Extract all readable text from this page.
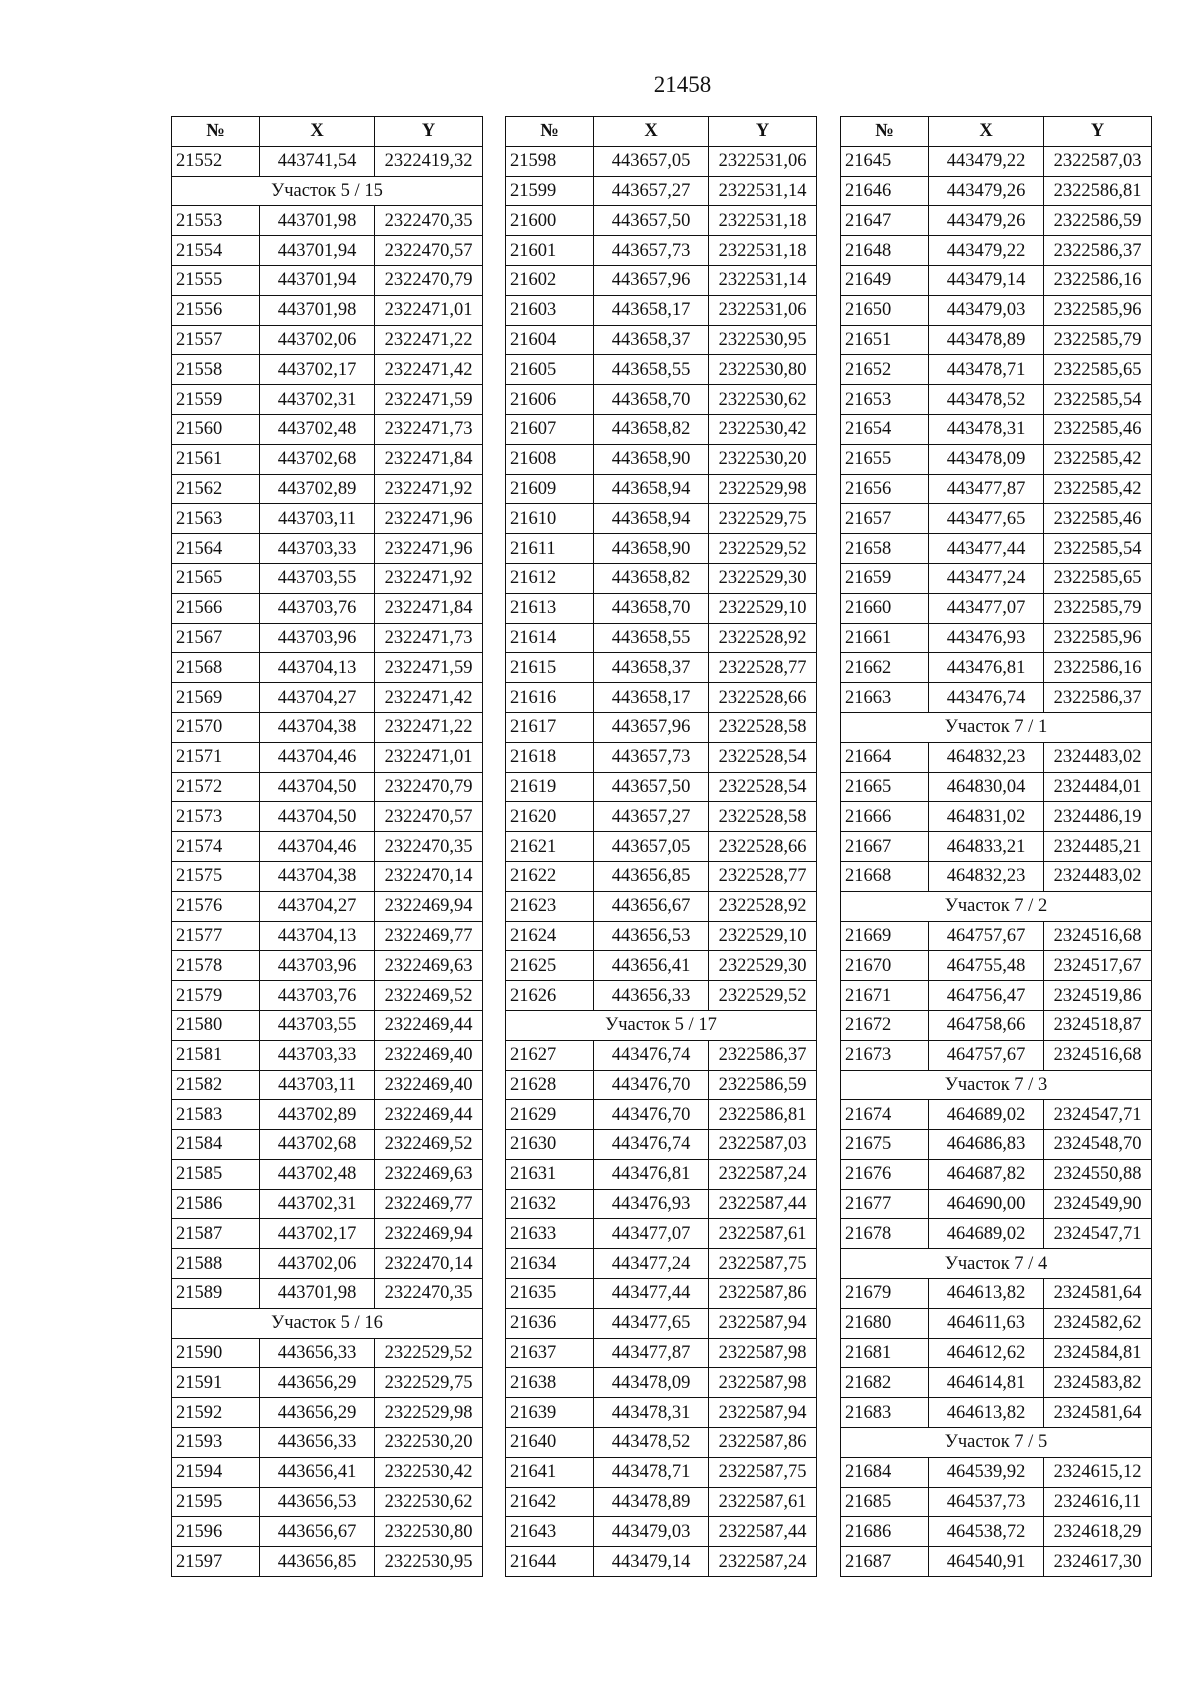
21458
№	X	Y
21552	443741,54	2322419,32
Участок 5 / 15		
21553	443701,98	2322470,35
21554	443701,94	2322470,57
21555	443701,94	2322470,79
21556	443701,98	2322471,01
21557	443702,06	2322471,22
21558	443702,17	2322471,42
21559	443702,31	2322471,59
21560	443702,48	2322471,73
21561	443702,68	2322471,84
21562	443702,89	2322471,92
21563	443703,11	2322471,96
21564	443703,33	2322471,96
21565	443703,55	2322471,92
21566	443703,76	2322471,84
21567	443703,96	2322471,73
21568	443704,13	2322471,59
21569	443704,27	2322471,42
21570	443704,38	2322471,22
21571	443704,46	2322471,01
21572	443704,50	2322470,79
21573	443704,50	2322470,57
21574	443704,46	2322470,35
21575	443704,38	2322470,14
21576	443704,27	2322469,94
21577	443704,13	2322469,77
21578	443703,96	2322469,63
21579	443703,76	2322469,52
21580	443703,55	2322469,44
21581	443703,33	2322469,40
21582	443703,11	2322469,40
21583	443702,89	2322469,44
21584	443702,68	2322469,52
21585	443702,48	2322469,63
21586	443702,31	2322469,77
21587	443702,17	2322469,94
21588	443702,06	2322470,14
21589	443701,98	2322470,35
Участок 5 / 16		
21590	443656,33	2322529,52
21591	443656,29	2322529,75
21592	443656,29	2322529,98
21593	443656,33	2322530,20
21594	443656,41	2322530,42
21595	443656,53	2322530,62
21596	443656,67	2322530,80
21597	443656,85	2322530,95
№	X	Y
21598	443657,05	2322531,06
21599	443657,27	2322531,14
21600	443657,50	2322531,18
21601	443657,73	2322531,18
21602	443657,96	2322531,14
21603	443658,17	2322531,06
21604	443658,37	2322530,95
21605	443658,55	2322530,80
21606	443658,70	2322530,62
21607	443658,82	2322530,42
21608	443658,90	2322530,20
21609	443658,94	2322529,98
21610	443658,94	2322529,75
21611	443658,90	2322529,52
21612	443658,82	2322529,30
21613	443658,70	2322529,10
21614	443658,55	2322528,92
21615	443658,37	2322528,77
21616	443658,17	2322528,66
21617	443657,96	2322528,58
21618	443657,73	2322528,54
21619	443657,50	2322528,54
21620	443657,27	2322528,58
21621	443657,05	2322528,66
21622	443656,85	2322528,77
21623	443656,67	2322528,92
21624	443656,53	2322529,10
21625	443656,41	2322529,30
21626	443656,33	2322529,52
Участок 5 / 17		
21627	443476,74	2322586,37
21628	443476,70	2322586,59
21629	443476,70	2322586,81
21630	443476,74	2322587,03
21631	443476,81	2322587,24
21632	443476,93	2322587,44
21633	443477,07	2322587,61
21634	443477,24	2322587,75
21635	443477,44	2322587,86
21636	443477,65	2322587,94
21637	443477,87	2322587,98
21638	443478,09	2322587,98
21639	443478,31	2322587,94
21640	443478,52	2322587,86
21641	443478,71	2322587,75
21642	443478,89	2322587,61
21643	443479,03	2322587,44
21644	443479,14	2322587,24
№	X	Y
21645	443479,22	2322587,03
21646	443479,26	2322586,81
21647	443479,26	2322586,59
21648	443479,22	2322586,37
21649	443479,14	2322586,16
21650	443479,03	2322585,96
21651	443478,89	2322585,79
21652	443478,71	2322585,65
21653	443478,52	2322585,54
21654	443478,31	2322585,46
21655	443478,09	2322585,42
21656	443477,87	2322585,42
21657	443477,65	2322585,46
21658	443477,44	2322585,54
21659	443477,24	2322585,65
21660	443477,07	2322585,79
21661	443476,93	2322585,96
21662	443476,81	2322586,16
21663	443476,74	2322586,37
Участок 7 / 1		
21664	464832,23	2324483,02
21665	464830,04	2324484,01
21666	464831,02	2324486,19
21667	464833,21	2324485,21
21668	464832,23	2324483,02
Участок 7 / 2		
21669	464757,67	2324516,68
21670	464755,48	2324517,67
21671	464756,47	2324519,86
21672	464758,66	2324518,87
21673	464757,67	2324516,68
Участок 7 / 3		
21674	464689,02	2324547,71
21675	464686,83	2324548,70
21676	464687,82	2324550,88
21677	464690,00	2324549,90
21678	464689,02	2324547,71
Участок 7 / 4		
21679	464613,82	2324581,64
21680	464611,63	2324582,62
21681	464612,62	2324584,81
21682	464614,81	2324583,82
21683	464613,82	2324581,64
Участок 7 / 5		
21684	464539,92	2324615,12
21685	464537,73	2324616,11
21686	464538,72	2324618,29
21687	464540,91	2324617,30
